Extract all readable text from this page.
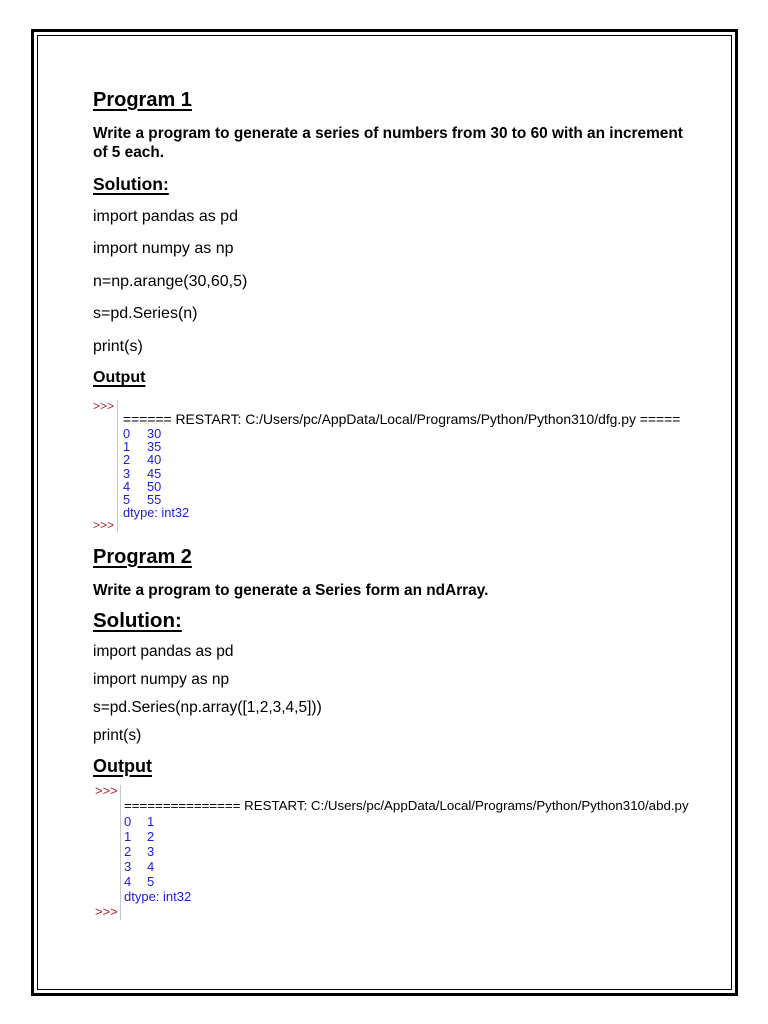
Program 1
Write a program to generate a series of numbers from 30 to 60 with an increment of 5 each.
Solution:
import pandas as pd
import numpy as np
n=np.arange(30,60,5)
s=pd.Series(n)
print(s)
Output
>>>
====== RESTART: C:/Users/pc/AppData/Local/Programs/Python/Python310/dfg.py =====
0	30
1	35
2	40
3	45
4	50
5	55
dtype: int32
>>>
Program 2
Write a program to generate a Series form an ndArray.
Solution:
import pandas as pd
import numpy as np
s=pd.Series(np.array([1,2,3,4,5]))
print(s)
Output
>>>
=============== RESTART: C:/Users/pc/AppData/Local/Programs/Python/Python310/abd.py
0	1
1	2
2	3
3	4
4	5
dtype: int32
>>>
